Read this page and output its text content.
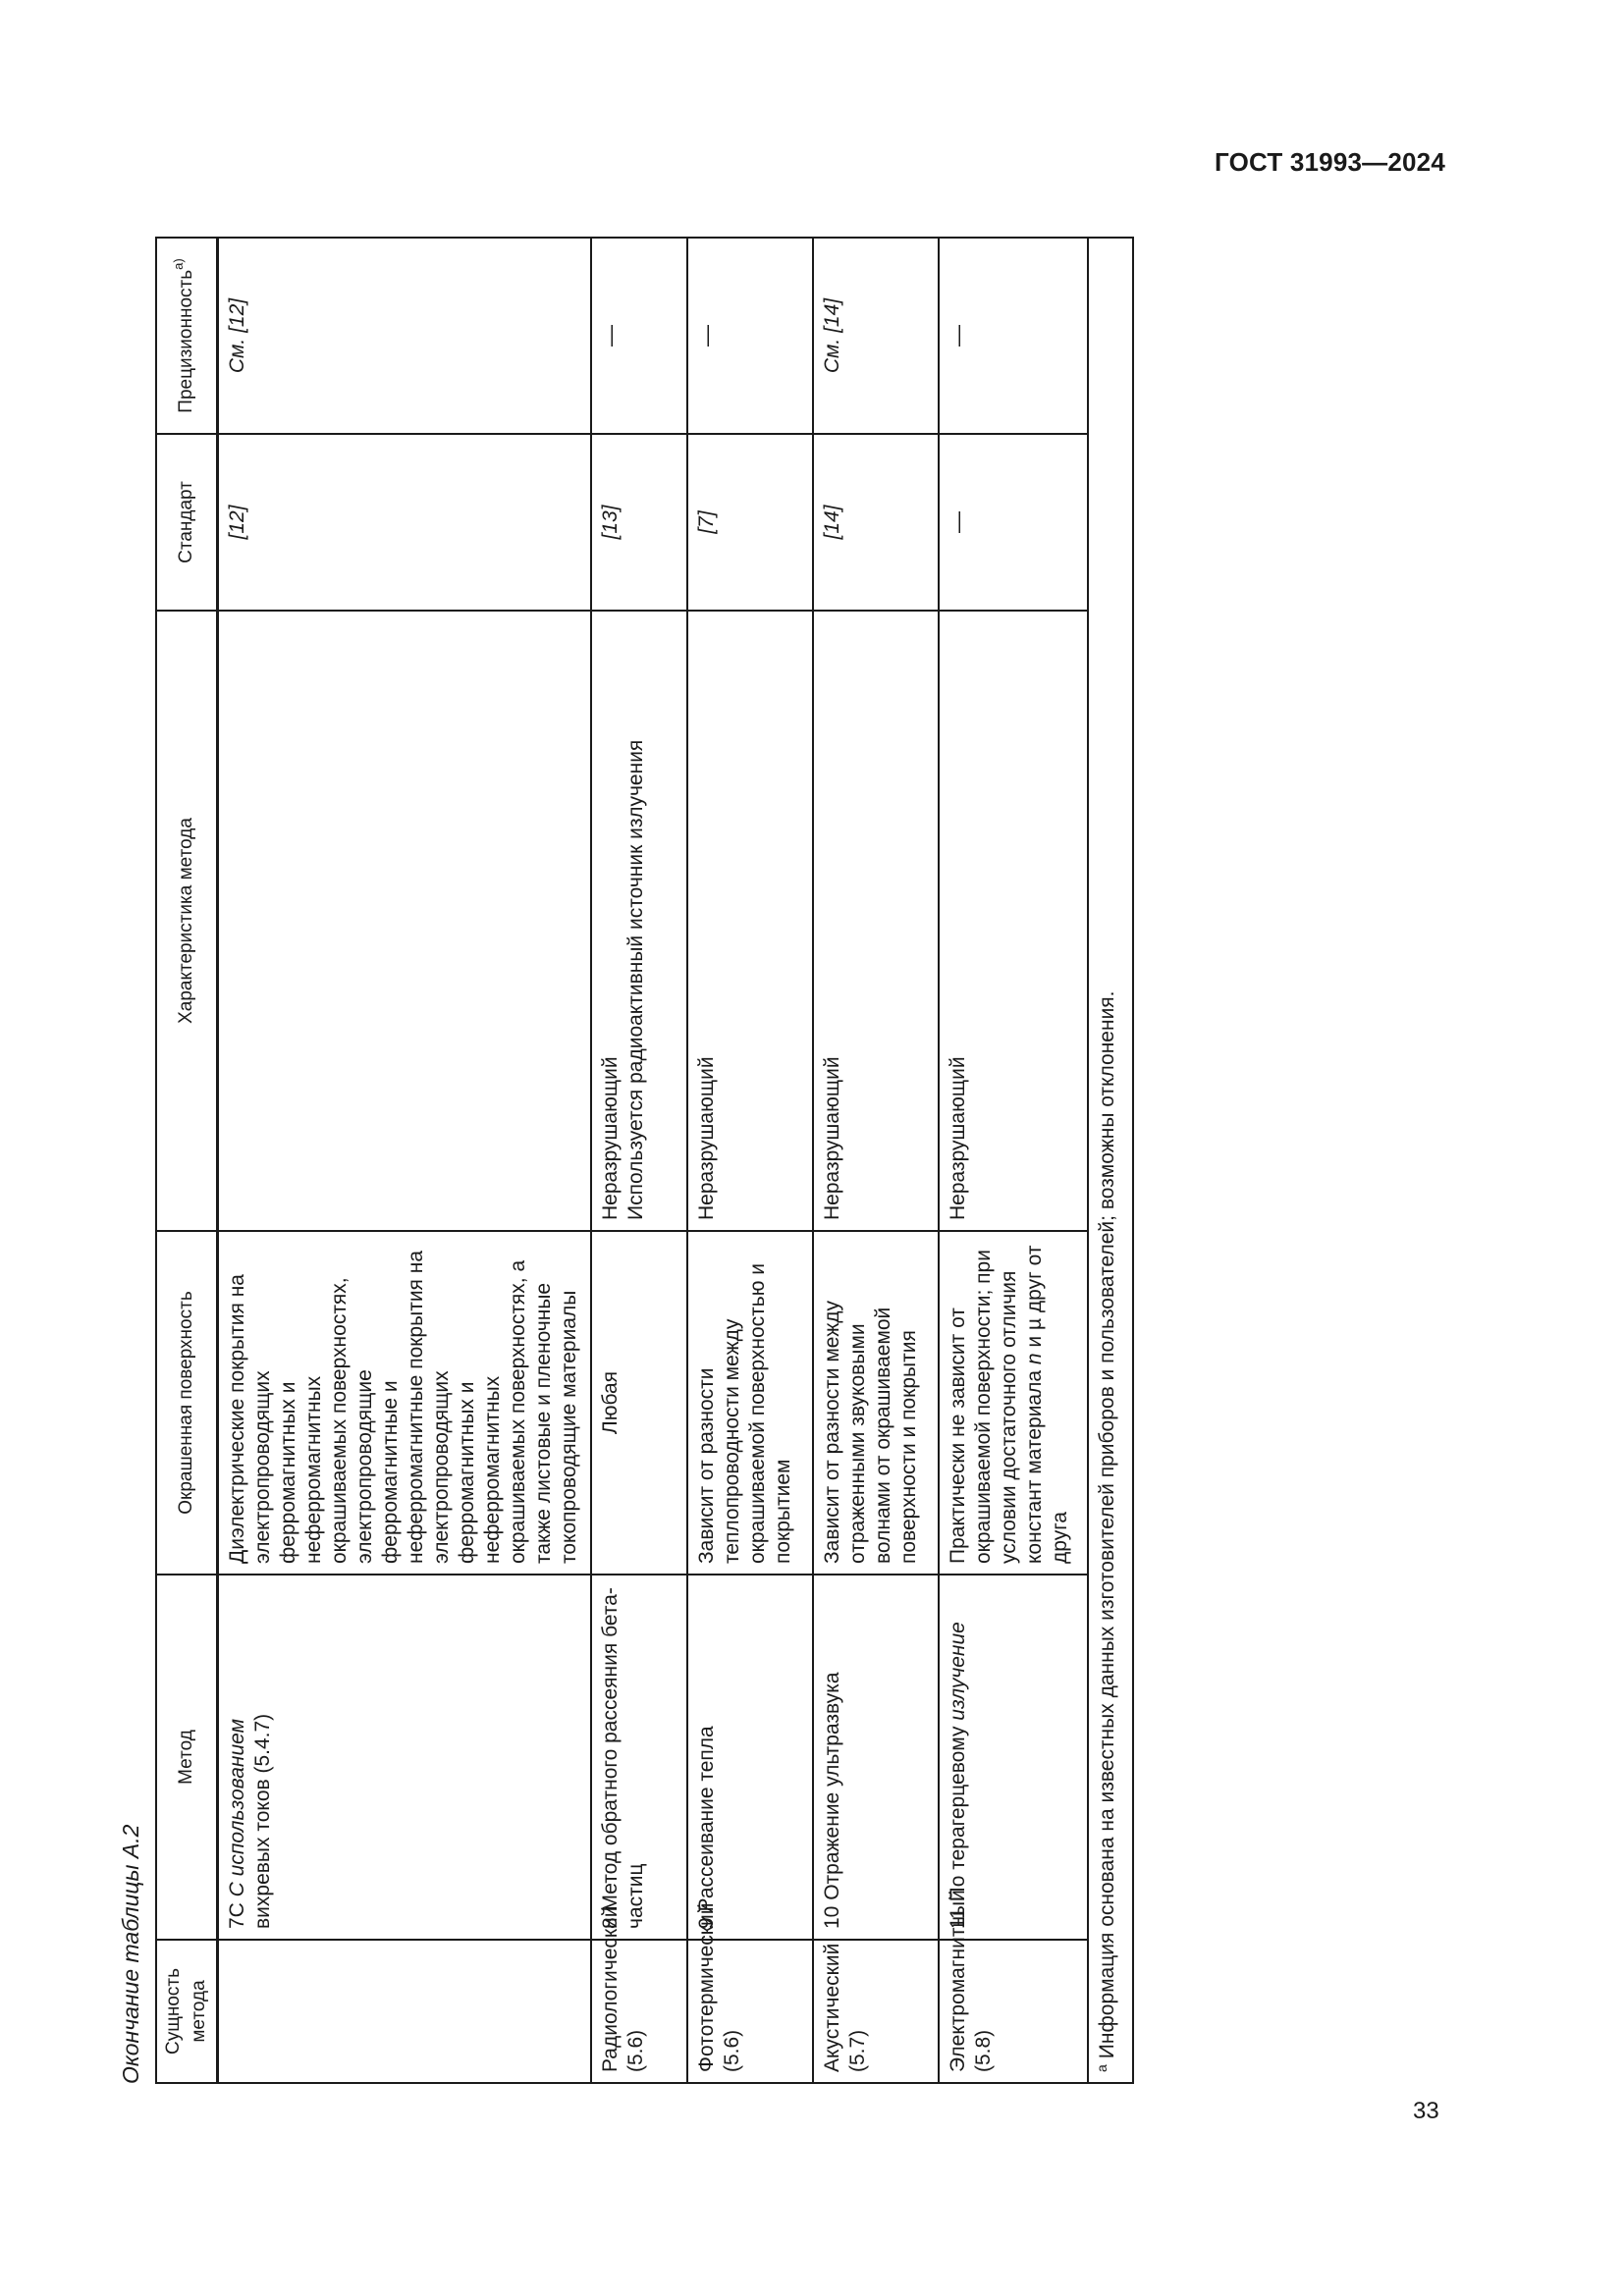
ГОСТ 31993—2024
Окончание таблицы А.2 Сущность метода	Метод	Окрашенная поверхность	Характеристика метода	Стандарт	Прецизионность$^{а)}$
	7С С использованием вихревых токов (5.4.7)	Диэлектрические покрытия на электропроводящих ферромагнитных и неферромагнитных окрашиваемых поверхностях, электропроводящие ферромагнитные и неферромагнитные покрытия на электропроводящих ферромагнитных и неферромагнитных окрашиваемых поверхностях, а также листовые и пленочные токопроводящие материалы		[12]	См. [12]
Радиологический (5.6)	8 Метод обратного рассеяния бета-частиц	Любая	Неразрушающий Используется радиоактивный источник излучения	[13]	—
Фототермический (5.6)	9 Рассеивание тепла	Зависит от разности теплопроводности между окрашиваемой поверхностью и покрытием	Неразрушающий	[7]	—
Акустический (5.7)	10 Отражение ультразвука	Зависит от разности между отраженными звуковыми волнами от окрашиваемой поверхности и покрытия	Неразрушающий	[14]	См. [14]
Электромагнитный (5.8)	11 По терагерцевому излучение	Практически не зависит от окрашиваемой поверхности; при условии достаточного отличия констант материала n и µ друг от друга	Неразрушающий	—	—
$^а$Информация основана на известных данных изготовителей приборов и пользователей; возможны отклонения.					
33
